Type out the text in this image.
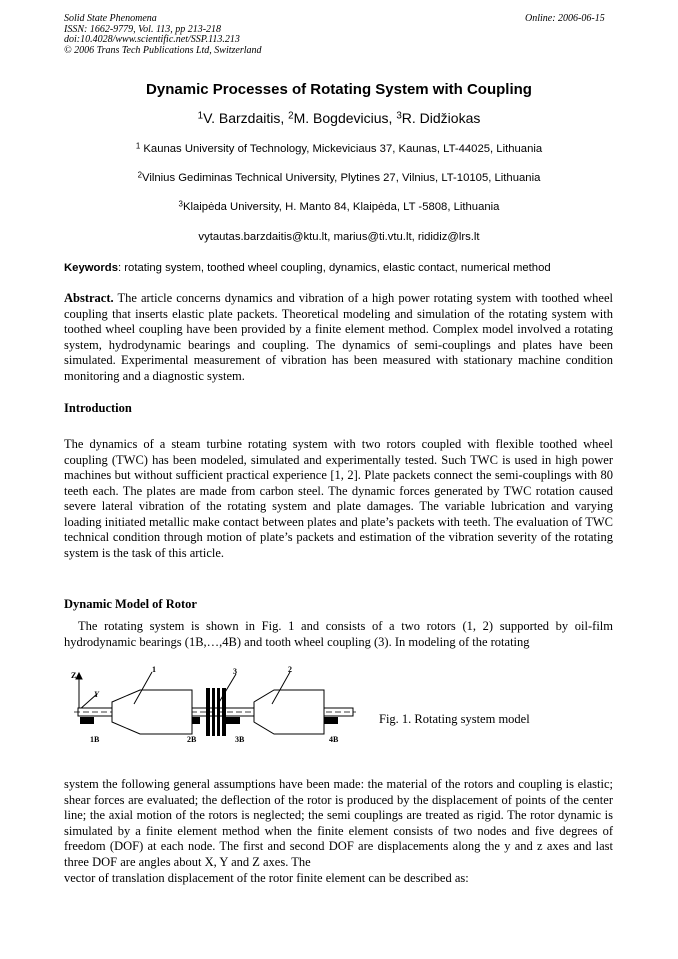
Solid State Phenomena
ISSN: 1662-9779, Vol. 113, pp 213-218
doi:10.4028/www.scientific.net/SSP.113.213
© 2006 Trans Tech Publications Ltd, Switzerland
Online: 2006-06-15
Dynamic Processes of Rotating System with Coupling
$^1$V. Barzdaitis, $^2$M. Bogdevicius, $^3$R. Didžiokas
$^1$ Kaunas University of Technology, Mickeviciaus 37, Kaunas, LT-44025, Lithuania
$^2$Vilnius Gediminas Technical University, Plytines 27, Vilnius, LT-10105, Lithuania
$^3$Klaipėda University, H. Manto 84, Klaipėda, LT -5808, Lithuania
vytautas.barzdaitis@ktu.lt, marius@ti.vtu.lt, rididiz@lrs.lt
Keywords: rotating system, toothed wheel coupling, dynamics, elastic contact, numerical method

Abstract. The article concerns dynamics and vibration of a high power rotating system with toothed wheel coupling that inserts elastic plate packets. Theoretical modeling and simulation of the rotating system with toothed wheel coupling have been provided by a finite element method. Complex model involved a rotating system, hydrodynamic bearings and coupling. The dynamics of semi-couplings and plates have been simulated. Experimental measurement of vibration has been measured with stationary machine condition monitoring and a diagnostic system.

Introduction

The dynamics of a steam turbine rotating system with two rotors coupled with flexible toothed wheel coupling (TWC) has been modeled, simulated and experimentally tested. Such TWC is used in high power machines but without sufficient practical experience [1, 2]. Plate packets connect the semi-couplings with 80 teeth each. The plates are made from carbon steel. The dynamic forces generated by TWC rotation caused severe lateral vibration of the rotating system and plate damages. The variable lubrication and varying loading initiated metallic make contact between plates and plate’s packets with teeth. The evaluation of TWC technical condition through motion of plate’s packets and estimation of the vibration severity of the rotating system is the task of this article.

Dynamic Model of Rotor

The rotating system is shown in Fig. 1 and consists of a two rotors (1, 2) supported by oil-film hydrodynamic bearings (1B,…,4B) and tooth wheel coupling (3). In modeling of the rotating

Z
Y
1	3	2
1B	2B	3B	4B
Fig. 1. Rotating system model

system the following general assumptions have been made: the material of the rotors and coupling is elastic; shear forces are evaluated; the deflection of the rotor is produced by the displacement of points of the center line; the axial motion of the rotors is neglected; the semi couplings are treated as rigid. The rotor dynamic is simulated by a finite element method when the finite element consists of two nodes and five degrees of freedom (DOF) at each node. The first and second DOF are displacements along the y and z axes and last three DOF are angles about X, Y and Z axes. The

vector of translation displacement of the rotor finite element can be described as:
